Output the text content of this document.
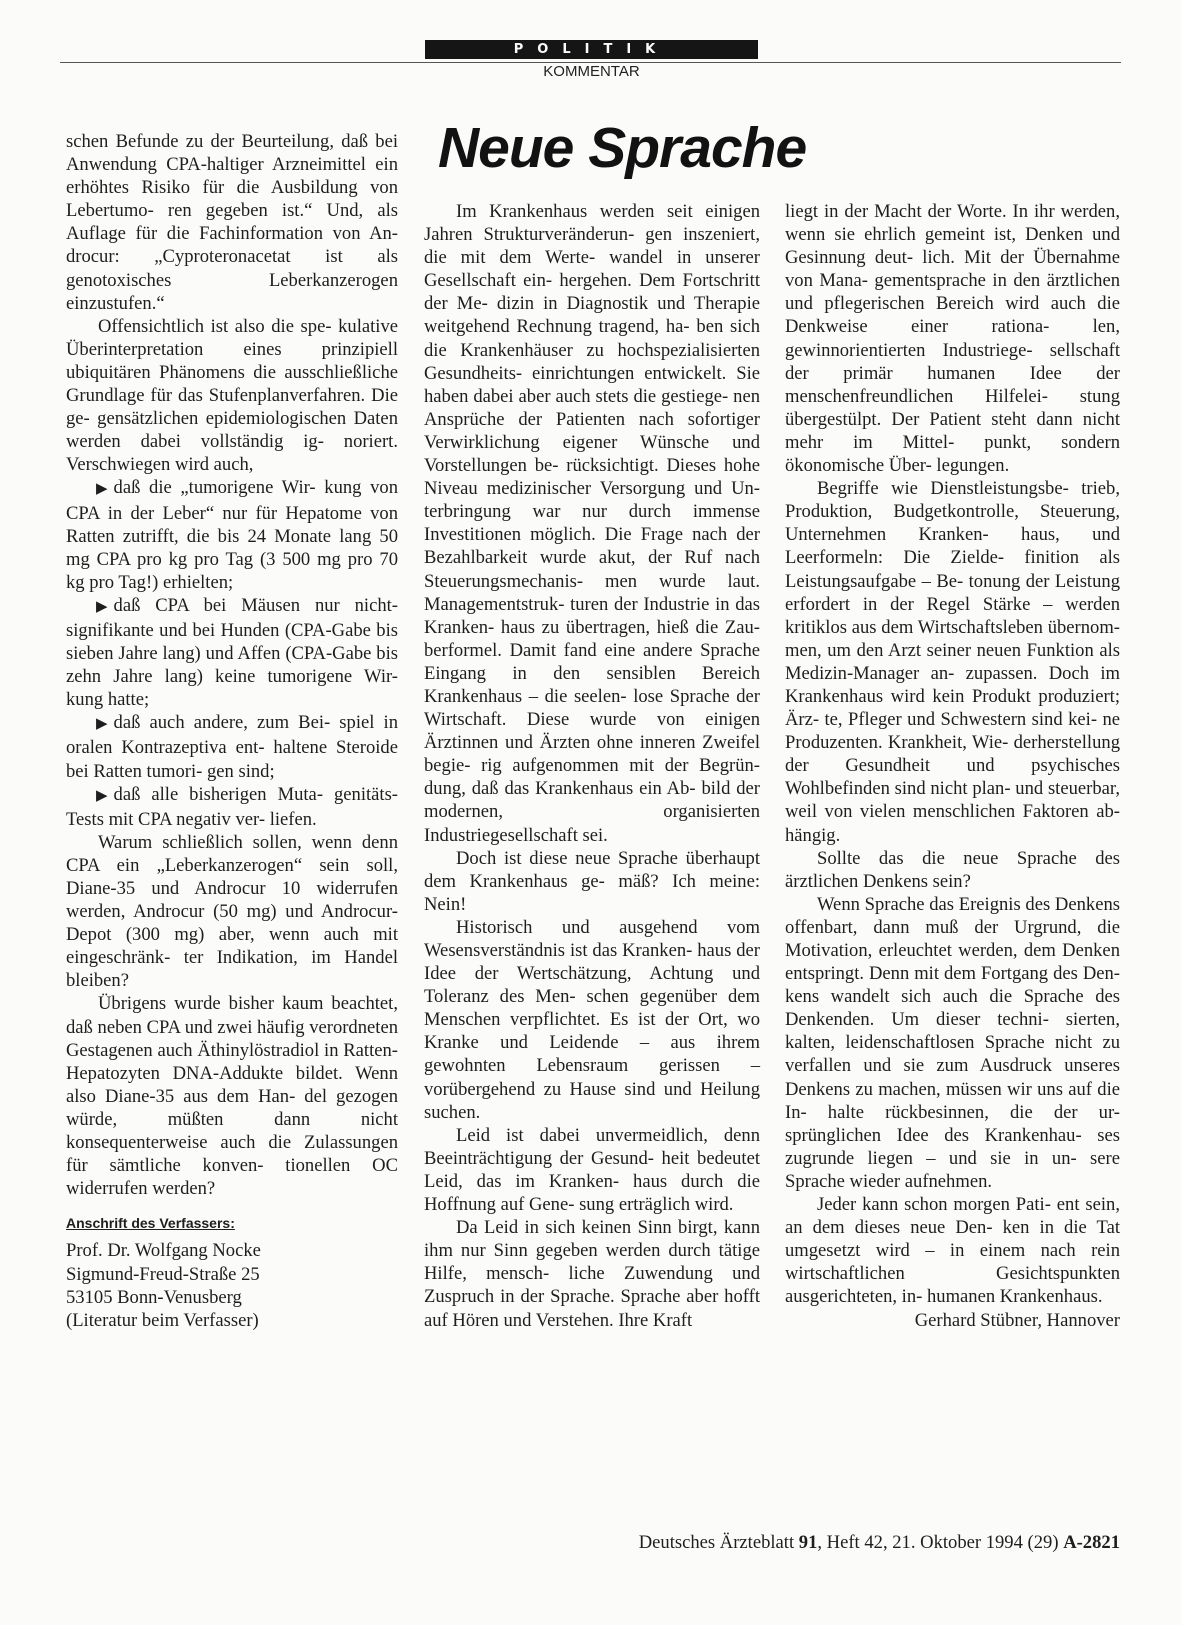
POLITIK
KOMMENTAR
Neue Sprache

schen Befunde zu der Beurteilung, daß bei Anwendung CPA-haltiger Arzneimittel ein erhöhtes Risiko für die Ausbildung von Lebertumo- ren gegeben ist.“ Und, als Auflage für die Fachinformation von An- drocur: „Cyproteronacetat ist als genotoxisches Leberkanzerogen einzustufen.“

Offensichtlich ist also die spe- kulative Überinterpretation eines prinzipiell ubiquitären Phänomens die ausschließliche Grundlage für das Stufenplanverfahren. Die ge- gensätzlichen epidemiologischen Daten werden dabei vollständig ig- noriert. Verschwiegen wird auch,

▶ daß die „tumorigene Wir- kung von CPA in der Leber“ nur für Hepatome von Ratten zutrifft, die bis 24 Monate lang 50 mg CPA pro kg pro Tag (3 500 mg pro 70 kg pro Tag!) erhielten;

▶ daß CPA bei Mäusen nur nicht-signifikante und bei Hunden (CPA-Gabe bis sieben Jahre lang) und Affen (CPA-Gabe bis zehn Jahre lang) keine tumorigene Wir- kung hatte;

▶ daß auch andere, zum Bei- spiel in oralen Kontrazeptiva ent- haltene Steroide bei Ratten tumori- gen sind;

▶ daß alle bisherigen Muta- genitäts-Tests mit CPA negativ ver- liefen.

Warum schließlich sollen, wenn denn CPA ein „Leberkanzerogen“ sein soll, Diane-35 und Androcur 10 widerrufen werden, Androcur (50 mg) und Androcur-Depot (300 mg) aber, wenn auch mit eingeschränk- ter Indikation, im Handel bleiben?

Übrigens wurde bisher kaum beachtet, daß neben CPA und zwei häufig verordneten Gestagenen auch Äthinylöstradiol in Ratten- Hepatozyten DNA-Addukte bildet. Wenn also Diane-35 aus dem Han- del gezogen würde, müßten dann nicht konsequenterweise auch die Zulassungen für sämtliche konven- tionellen OC widerrufen werden?

Anschrift des Verfassers:

Prof. Dr. Wolfgang Nocke

Sigmund-Freud-Straße 25

53105 Bonn-Venusberg

(Literatur beim Verfasser)

Im Krankenhaus werden seit einigen Jahren Strukturveränderun- gen inszeniert, die mit dem Werte- wandel in unserer Gesellschaft ein- hergehen. Dem Fortschritt der Me- dizin in Diagnostik und Therapie weitgehend Rechnung tragend, ha- ben sich die Krankenhäuser zu hochspezialisierten Gesundheits- einrichtungen entwickelt. Sie haben dabei aber auch stets die gestiege- nen Ansprüche der Patienten nach sofortiger Verwirklichung eigener Wünsche und Vorstellungen be- rücksichtigt. Dieses hohe Niveau medizinischer Versorgung und Un- terbringung war nur durch immense Investitionen möglich. Die Frage nach der Bezahlbarkeit wurde akut, der Ruf nach Steuerungsmechanis- men wurde laut. Managementstruk- turen der Industrie in das Kranken- haus zu übertragen, hieß die Zau- berformel. Damit fand eine andere Sprache Eingang in den sensiblen Bereich Krankenhaus – die seelen- lose Sprache der Wirtschaft. Diese wurde von einigen Ärztinnen und Ärzten ohne inneren Zweifel begie- rig aufgenommen mit der Begrün- dung, daß das Krankenhaus ein Ab- bild der modernen, organisierten Industriegesellschaft sei.

Doch ist diese neue Sprache überhaupt dem Krankenhaus ge- mäß? Ich meine: Nein!

Historisch und ausgehend vom Wesensverständnis ist das Kranken- haus der Idee der Wertschätzung, Achtung und Toleranz des Men- schen gegenüber dem Menschen verpflichtet. Es ist der Ort, wo Kranke und Leidende – aus ihrem gewohnten Lebensraum gerissen – vorübergehend zu Hause sind und Heilung suchen.

Leid ist dabei unvermeidlich, denn Beeinträchtigung der Gesund- heit bedeutet Leid, das im Kranken- haus durch die Hoffnung auf Gene- sung erträglich wird.

Da Leid in sich keinen Sinn birgt, kann ihm nur Sinn gegeben werden durch tätige Hilfe, mensch- liche Zuwendung und Zuspruch in der Sprache. Sprache aber hofft auf Hören und Verstehen. Ihre Kraft

liegt in der Macht der Worte. In ihr werden, wenn sie ehrlich gemeint ist, Denken und Gesinnung deut- lich. Mit der Übernahme von Mana- gementsprache in den ärztlichen und pflegerischen Bereich wird auch die Denkweise einer rationa- len, gewinnorientierten Industriege- sellschaft der primär humanen Idee der menschenfreundlichen Hilfelei- stung übergestülpt. Der Patient steht dann nicht mehr im Mittel- punkt, sondern ökonomische Über- legungen.

Begriffe wie Dienstleistungsbe- trieb, Produktion, Budgetkontrolle, Steuerung, Unternehmen Kranken- haus, und Leerformeln: Die Zielde- finition als Leistungsaufgabe – Be- tonung der Leistung erfordert in der Regel Stärke – werden kritiklos aus dem Wirtschaftsleben übernom- men, um den Arzt seiner neuen Funktion als Medizin-Manager an- zupassen. Doch im Krankenhaus wird kein Produkt produziert; Ärz- te, Pfleger und Schwestern sind kei- ne Produzenten. Krankheit, Wie- derherstellung der Gesundheit und psychisches Wohlbefinden sind nicht plan- und steuerbar, weil von vielen menschlichen Faktoren ab- hängig.

Sollte das die neue Sprache des ärztlichen Denkens sein?

Wenn Sprache das Ereignis des Denkens offenbart, dann muß der Urgrund, die Motivation, erleuchtet werden, dem Denken entspringt. Denn mit dem Fortgang des Den- kens wandelt sich auch die Sprache des Denkenden. Um dieser techni- sierten, kalten, leidenschaftlosen Sprache nicht zu verfallen und sie zum Ausdruck unseres Denkens zu machen, müssen wir uns auf die In- halte rückbesinnen, die der ur- sprünglichen Idee des Krankenhau- ses zugrunde liegen – und sie in un- sere Sprache wieder aufnehmen.

Jeder kann schon morgen Pati- ent sein, an dem dieses neue Den- ken in die Tat umgesetzt wird – in einem nach rein wirtschaftlichen Gesichtspunkten ausgerichteten, in- humanen Krankenhaus.

Gerhard Stübner, Hannover

Deutsches Ärzteblatt 91, Heft 42, 21. Oktober 1994 (29) A-2821
